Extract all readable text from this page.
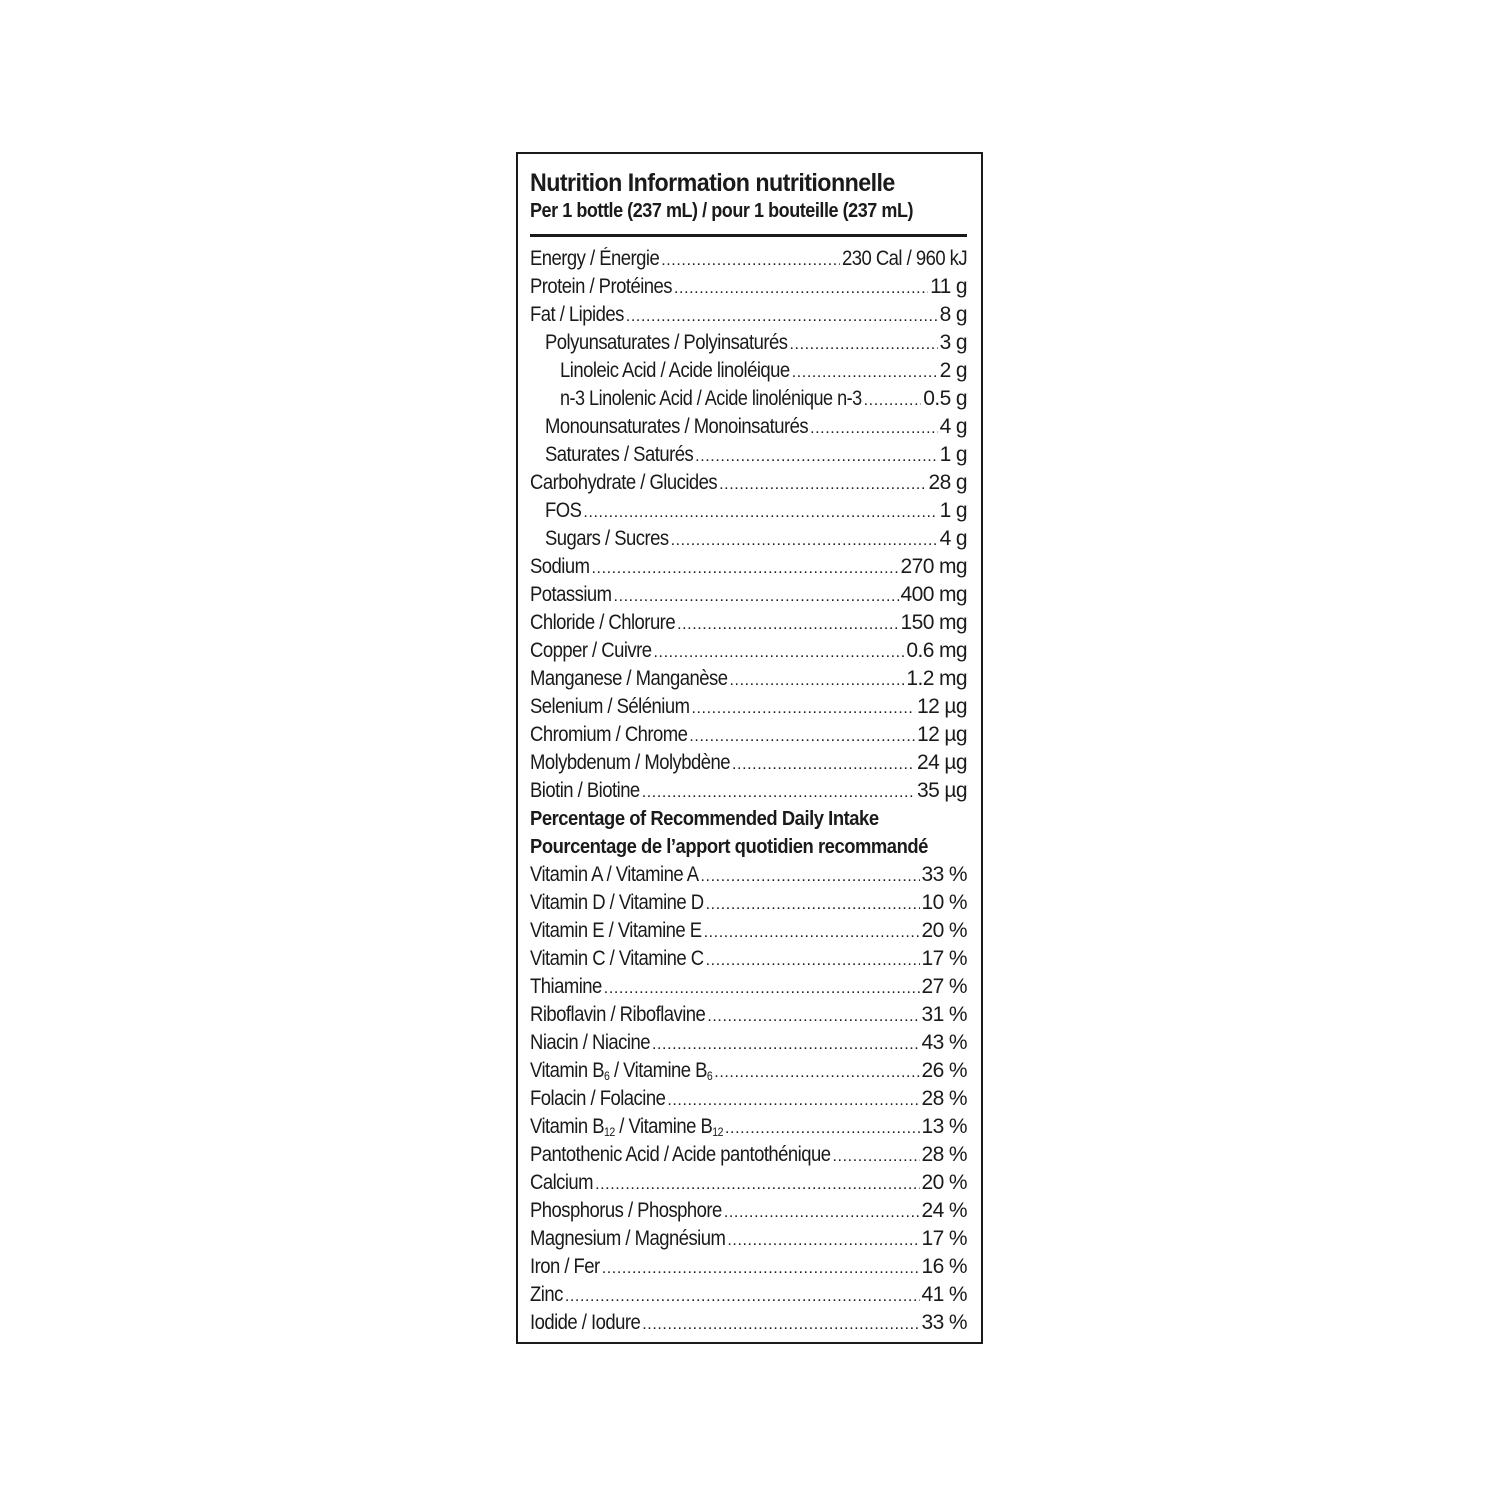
Nutrition Information nutritionnelle
Per 1 bottle (237 mL) / pour 1 bouteille (237 mL)
Energy / Énergie .....	230 Cal / 960 kJ
Protein / Protéines .....	11 g
Fat / Lipides .....	8 g
Polyunsaturates / Polyinsaturés .....	3 g
Linoleic Acid / Acide linoléique .....	2 g
n-3 Linolenic Acid / Acide linolénique n-3 .....	0.5 g
Monounsaturates / Monoinsaturés .....	4 g
Saturates / Saturés .....	1 g
Carbohydrate / Glucides .....	28 g
FOS .....	1 g
Sugars / Sucres .....	4 g
Sodium .....	270 mg
Potassium .....	400 mg
Chloride / Chlorure .....	150 mg
Copper / Cuivre .....	0.6 mg
Manganese / Manganèse .....	1.2 mg
Selenium / Sélénium .....	12 µg
Chromium / Chrome .....	12 µg
Molybdenum / Molybdène .....	24 µg
Biotin / Biotine .....	35 µg
Percentage of Recommended Daily Intake
Pourcentage de l’apport quotidien recommandé
Vitamin A / Vitamine A .....	33 %
Vitamin D / Vitamine D .....	10 %
Vitamin E / Vitamine E .....	20 %
Vitamin C / Vitamine C .....	17 %
Thiamine .....	27 %
Riboflavin / Riboflavine .....	31 %
Niacin / Niacine .....	43 %
Vitamin $B_6$ / Vitamine $B_6$ .....	26 %
Folacin / Folacine .....	28 %
Vitamin $B_{12}$ / Vitamine $B_{12}$ .....	13 %
Pantothenic Acid / Acide pantothénique .....	28 %
Calcium .....	20 %
Phosphorus / Phosphore .....	24 %
Magnesium / Magnésium .....	17 %
Iron / Fer .....	16 %
Zinc .....	41 %
Iodide / Iodure .....	33 %
